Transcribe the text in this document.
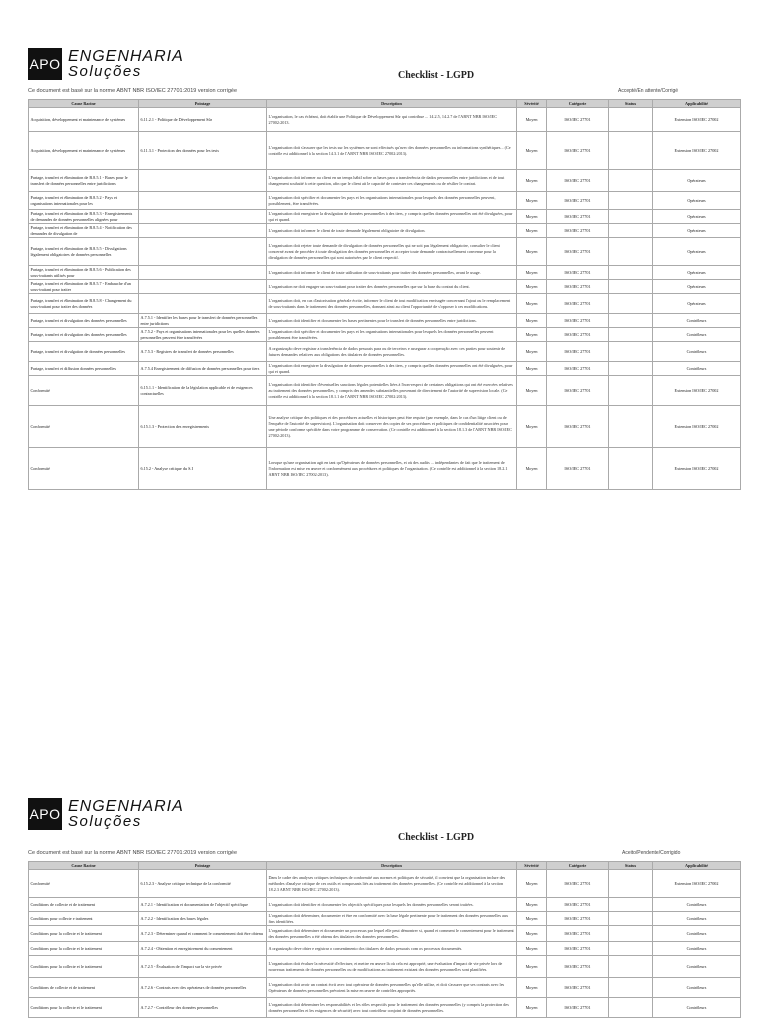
APO ENGENHARIA
Soluções	Checklist - LGPD
Ce document est basé sur la norme ABNT NBR ISO/IEC 27701:2019 version corrigée	Accepté/En attente/Corrigé
Cause Racine	Pointage	Description	Sévérité	Catégorie	Status	Applicabilité
Acquisition, développement et maintenance de systèmes	6.11.2.1 - Politique de Développement Sûr	L'organisation, le cas échéant, doit établir une Politique de Développement Sûr qui contribue ... 14.2.5, 14.2.7 de l'ABNT NBR ISO/IEC 27002:2013.	Moyen	ISO/IEC 27701		Extension ISO/IEC 27002
Acquisition, développement et maintenance de systèmes	6.11.3.1 - Protection des données pour les tests	L'organisation doit s'assurer que les tests sur les systèmes ne sont effectués qu'avec des données personnelles ou informations synthétiques... (Ce contrôle est additionnel à la section 14.3.1 de l'ABNT NBR ISO/IEC 27002:2013).	Moyen	ISO/IEC 27701		Extension ISO/IEC 27002
Partage, transfert et élimination de B.8.5.1 - Bases pour le transfert de données personnelles entre juridictions		L'organisation doit informer au client en un temps hábil sobre as bases para a transferência de dados personnelles entre juridictions et de tout changement souhaité à cette question, afin que le client ait le capacité de contester ces changements ou de résilier le contrat.	Moyen	ISO/IEC 27701		Opérateurs
Partage, transfert et élimination de B.8.5.2 - Pays et organisations internationales pour les		L'organisation doit spécifier et documenter les pays et les organisations internationales pour lesquels des données personnelles peuvent, possiblement, être transférées.	Moyen	ISO/IEC 27701		Opérateurs
Partage, transfert et élimination de B.8.5.3 - Enregistrements de demandes de données personnelles alignées pour		L'organisation doit enregistrer la divulgation de données personnelles à des tiers, y compris quelles données personnelles ont été divulguées, pour qui et quand.	Moyen	ISO/IEC 27701		Opérateurs
Partage, transfert et élimination de B.8.5.4 - Notification des demandes de divulgation de		L'organisation doit informer le client de toute demande légalement obligatoire de divulgation.	Moyen	ISO/IEC 27701		Opérateurs
Partage, transfert et élimination de B.8.5.5 - Divulgations légalement obligatoires de données personnelles		L'organisation doit rejeter toute demande de divulgation de données personnelles qui ne soit pas légalement obligatoire, consulter le client concerné avant de procéder à toute divulgation des données personnelles et accepter toute demande contractuellement convenue pour la divulgation de données personnelles qui sont autorisées par le client respectif.	Moyen	ISO/IEC 27701		Opérateurs
Partage, transfert et élimination de B.8.5.6 - Publication des sous-traitants utilisés pour		L'organisation doit informer le client de toute utilisation de sous-traitants pour traiter des données personnelles, avant le usage.	Moyen	ISO/IEC 27701		Opérateurs
Partage, transfert et élimination de B.8.5.7 - Embauche d'un sous-traitant pour traiter		L'organisation ne doit engager un sous-traitant pour traiter des données personnelles que sur la base du contrat du client.	Moyen	ISO/IEC 27701		Opérateurs
Partage, transfert et élimination de B.8.5.8 - Changement du sous-traitant pour traiter des données		L'organisation doit, en cas d'autorisation générale écrite, informer le client de tout modification envisagée concernant l'ajout ou le remplacement de sous-traitants dans le traitement des données personnelles, donnant ainsi au client l'opportunité de s'opposer à ces modifications.	Moyen	ISO/IEC 27701		Opérateurs
Partage, transfert et divulgation des données personnelles	A.7.5.1 - Identifier les bases pour le transfert de données personnelles entre juridictions	L'organisation doit identifier et documenter les bases pertinentes pour le transfert de données personnelles entre juridictions.	Moyen	ISO/IEC 27701		Contrôleurs
Partage, transfert et divulgation des données personnelles	A.7.5.2 - Pays et organisations internationales pour les quelles données personnelles peuvent être transférées	L'organisation doit spécifier et documenter les pays et les organisations internationales pour lesquels les données personnelles peuvent possiblement être transférées.	Moyen	ISO/IEC 27701		Contrôleurs
Partage, transfert et divulgation de données personnelles	A.7.5.3 - Registres de transfert de données personnelles	A organização deve registrar a transferência de dados pessoais para ou de terceiros e assegurar a cooperação avec ces parties pour soutenir de futures demandes relatives aux obligations des titulaires de données personnelles.	Moyen	ISO/IEC 27701		Contrôleurs
Partage, transfert et diffusion données personnelles	A.7.5.4 Enregistrement de diffusion de données personnelles pour tiers	L'organisation doit enregistrer la divulgation de données personnelles à des tiers, y compris quelles données personnelles ont été divulguées, pour qui et quand.	Moyen	ISO/IEC 27701		Contrôleurs
Conformité	6.15.1.1 - Identification de la législation applicable et de exigences contractuelles	L'organisation doit identifier d'éventuelles sanctions légales potentielles liées à l'non-respect de certaines obligations qui ont été exercées relatives au traitement des données personnelles, y compris des amendes substantielles provenant de directement de l'autorité de supervision locale. (Ce contrôle est additionnel à la section 18.1.1 de l'ABNT NBR ISO/IEC 27002:2013).	Moyen	ISO/IEC 27701		Extension ISO/IEC 27002
Conformité	6.15.1.3 - Protection des enregistrements	Une analyse critique des politiques et des procédures actuelles et historiques peut être requise (par exemple, dans le cas d'un litige client ou de l'enquête de l'autorité de supervision). L'organisation doit conserver des copies de ses procédures et politiques de confidentialité associées pour une période conforme spécifiée dans votre programme de conservation. (Ce contrôle est additionnel à la section 18.1.3 de l'ABNT NBR ISO/IEC 27002:2013).	Moyen	ISO/IEC 27701		Extension ISO/IEC 27002
Conformité	6.15.2 - Analyse critique du S.I	Lorsque qu'une organisation agit en tant qu'Opérateurs de données personnelles, et où des audits ... indépendantes de fait que le traitement de l'information est mise en œuvre et conformément aux procédures et politiques de l'organisation. (Ce contrôle est additionnel à la section 18.2.1 ABNT NBR ISO/IEC 27002:2013).	Moyen	ISO/IEC 27701		Extension ISO/IEC 27002
APO ENGENHARIA
Soluções
Checklist - LGPD
Ce document est basé sur la norme ABNT NBR ISO/IEC 27701:2019 version corrigée	Aceito/Pendente/Corrigido
Cause Racine	Pointage	Description	Sévérité	Catégorie	Status	Applicabilité
Conformité	6.15.2.3 - Analyse critique technique de la conformité	Dans le cadre des analyses critiques techniques de conformité aux normes et politiques de sécurité, il convient que la organisation inclure des méthodes d'analyse critique de ces outils et composants liés au traitement des données personnelles. (Ce contrôle est additionnel à la section 18.2.3 ABNT NBR ISO/IEC 27002:2013).	Moyen	ISO/IEC 27701		Extension ISO/IEC 27002
Conditions de collecte et de traitement	A.7.2.1 - Identification et documentation de l'objectif spécifique	L'organisation doit identifier et documenter les objectifs spécifiques pour lesquels les données personnelles seront traitées.	Moyen	ISO/IEC 27701		Contrôleurs
Conditions pour collecte e traitement	A.7.2.2 - Identification des bases légales	L'organisation doit déterminer, documenter et être en conformité avec la base légale pertinente pour le traitement des données personnelles aux fins identifiées.	Moyen	ISO/IEC 27701		Contrôleurs
Conditions pour la collecte et le traitement	A.7.2.3 - Déterminer quand et comment le consentement doit être obtenu	L'organisation doit déterminer et documenter un processus par lequel elle peut démontrer si, quand et comment le consentement pour le traitement des données personnelles a été obtenu des titulaires des données personnelles.	Moyen	ISO/IEC 27701		Contrôleurs
Conditions pour la collecte et le traitement	A.7.2.4 - Obtention et enregistrement du consentement	A organização deve obter e registrar o consentimento dos titulares de dados pessoais com os processos documentés.	Moyen	ISO/IEC 27701		Contrôleurs
Conditions pour la collecte et le traitement	A.7.2.5 - Évaluation de l'impact sur la vie privée	L'organisation doit évaluer la nécessité d'effectuer, et mettre en œuvre là où cela est approprié, une évaluation d'impact de vie privée lors de nouveaux traitements de données personnelles ou de modifications au traitement existant des données personnelles sont planifiées.	Moyen	ISO/IEC 27701		Contrôleurs
Conditions de collecte et de traitement	A.7.2.6 - Contrats avec des opérateurs de données personnelles	L'organisation doit avoir un contrat écrit avec tout opérateur de données personnelles qu'elle utilise, et doit s'assurer que ses contrats avec les Opérateurs de données personnelles prévoient la mise en œuvre de contrôles appropriés.	Moyen	ISO/IEC 27701		Contrôleurs
Conditions pour la collecte et le traitement	A.7.2.7 - Contrôleur des données personnelles	L'organisation doit déterminer les responsabilités et les rôles respectifs pour le traitement des données personnelles (y compris la protection des données personnelles et les exigences de sécurité) avec tout contrôleur conjoint de données personnelles.	Moyen	ISO/IEC 27701		Contrôleurs
